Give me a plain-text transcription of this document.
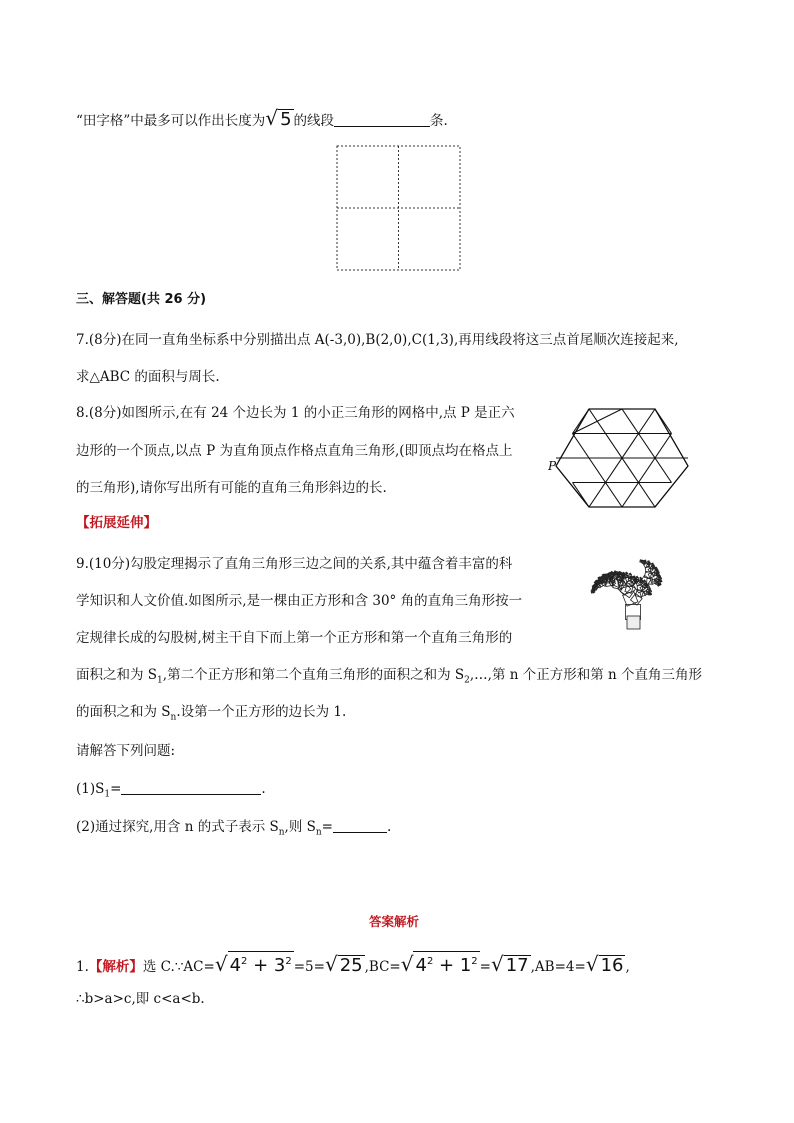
“田字格”中最多可以作出长度为√ 5 的线段	条.
三、解答题(共 26 分)
7.(8分)在同一直角坐标系中分别描出点 A(-3,0),B(2,0),C(1,3),再用线段将这三点首尾顺次连接起来,
求△ABC 的面积与周长.
8.(8分)如图所示,在有 24 个边长为 1 的小正三角形的网格中,点 P 是正六
边形的一个顶点,以点 P 为直角顶点作格点直角三角形,(即顶点均在格点上
的三角形),请你写出所有可能的直角三角形斜边的长.
P
【拓展延伸】
9.(10分)勾股定理揭示了直角三角形三边之间的关系,其中蕴含着丰富的科
学知识和人文价值.如图所示,是一棵由正方形和含 30° 角的直角三角形按一
定规律长成的勾股树,树主干自下而上第一个正方形和第一个直角三角形的
面积之和为 $S_1$,第二个正方形和第二个直角三角形的面积之和为 $S_2,\dots$,第 n 个正方形和第 n 个直角三角形
的面积之和为 $S_n$.设第一个正方形的边长为 1.
请解答下列问题:
$(1)S_1=$	.
(2)通过探究,用含 n 的式子表示 $S_n$,则 $S_n=$	.
答案解析
1.【解析】选 C.∵AC=√ $4^2 + 3^2 =5=√$ 25 ,BC=√ $4^2 + 1^2$ =√ 17 ,AB=4=√ 16 ,
∴b>a>c,即 c<a<b.
